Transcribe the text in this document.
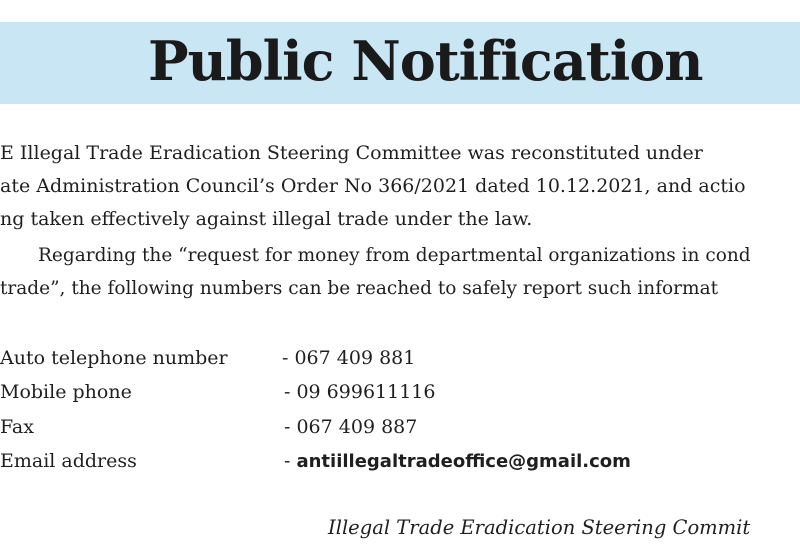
Public Notification

E Illegal Trade Eradication Steering Committee was reconstituted under

ate Administration Council’s Order No 366/2021 dated 10.12.2021, and actio

ng taken effectively against illegal trade under the law.

Regarding the “request for money from departmental organizations in cond

trade”, the following numbers can be reached to safely report such informat

Auto telephone number	- 067 409 881

Mobile phone	- 09 699611116

Fax	- 067 409 887

Email address	- antiillegaltradeoffice@gmail.com

Illegal Trade Eradication Steering Commit
